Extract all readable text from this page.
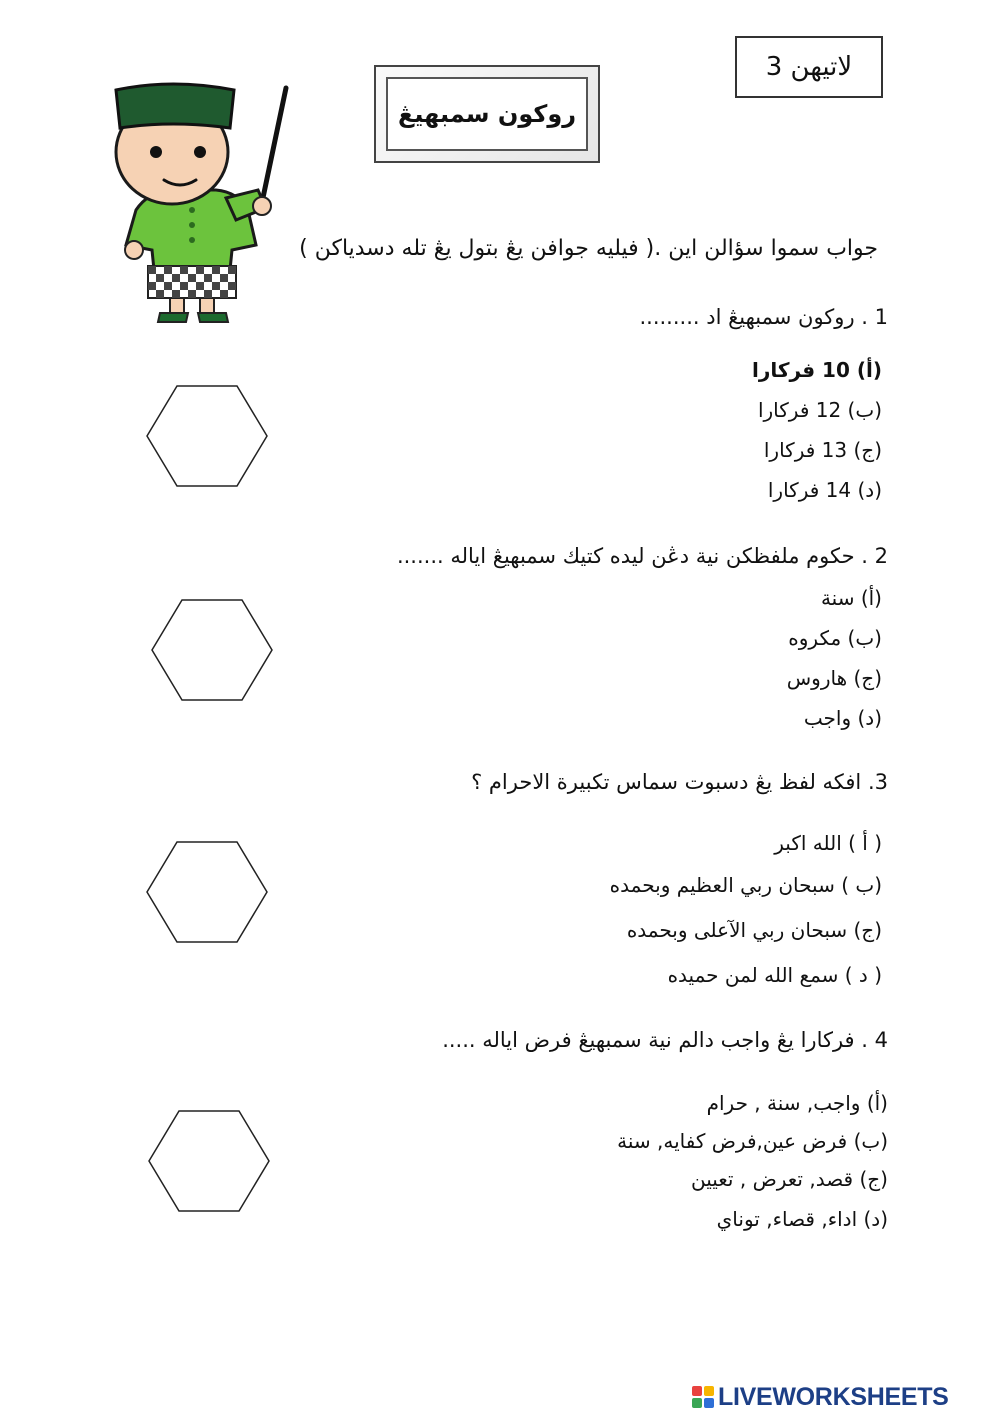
روكون سمبهيڠ
لاتيهن 3
جواب سموا سؤالن اين .( فيليه جوافن يڠ بتول يڠ تله دسدياكن )
1 . روكون سمبهيڠ اد .........
(أ) 10 فركارا
(ب) 12 فركارا
(ج) 13 فركارا
(د) 14 فركارا
2 . حكوم ملفظكن نية دڠن ليده كتيك سمبهيڠ اياله .......
(أ) سنة
(ب) مكروه
(ج) هاروس
(د) واجب
3. افكه لفظ يڠ دسبوت سماس تكبيرة الاحرام ؟
( أ ) الله اكبر
(ب ) سبحان ربي العظيم وبحمده
(ج) سبحان ربي الآعلى وبحمده
( د ) سمع الله لمن حميده
4 . فركارا يڠ واجب دالم نية سمبهيڠ فرض اياله .....
(أ) واجب, سنة , حرام
(ب) فرض عين,فرض كفايه, سنة
(ج) قصد, تعرض , تعيين
(د) اداء, قصاء, توناي
LIVEWORKSHEETS
